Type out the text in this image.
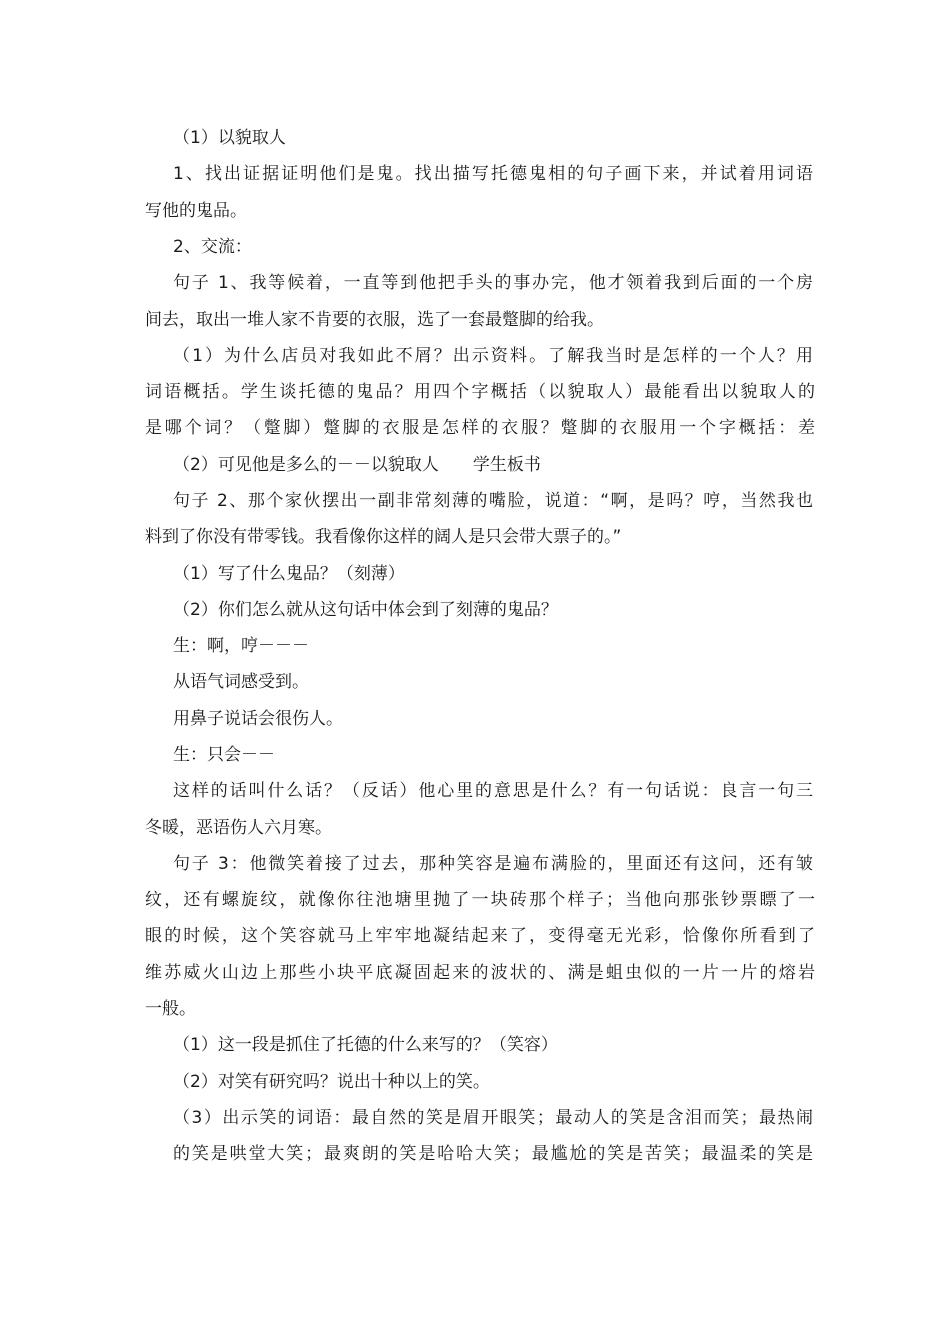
（1）以貌取人
1、找出证据证明他们是鬼。找出描写托德鬼相的句子画下来，并试着用词语
写他的鬼品。
2、交流：
句子 1、我等候着，一直等到他把手头的事办完，他才领着我到后面的一个房
间去，取出一堆人家不肯要的衣服，选了一套最蹩脚的给我。
（1）为什么店员对我如此不屑？出示资料。了解我当时是怎样的一个人？用
词语概括。学生谈托德的鬼品？用四个字概括（以貌取人）最能看出以貌取人的
是哪个词？（蹩脚）蹩脚的衣服是怎样的衣服？蹩脚的衣服用一个字概括：差
（2）可见他是多么的－－以貌取人　　学生板书
句子 2、那个家伙摆出一副非常刻薄的嘴脸，说道：“啊，是吗？哼，当然我也
料到了你没有带零钱。我看像你这样的阔人是只会带大票子的。”
（1）写了什么鬼品？（刻薄）
（2）你们怎么就从这句话中体会到了刻薄的鬼品？
生：啊，哼－－－
从语气词感受到。
用鼻子说话会很伤人。
生：只会－－
这样的话叫什么话？（反话）他心里的意思是什么？有一句话说：良言一句三
冬暖，恶语伤人六月寒。
句子 3：他微笑着接了过去，那种笑容是遍布满脸的，里面还有这问，还有皱
纹，还有螺旋纹，就像你往池塘里抛了一块砖那个样子；当他向那张钞票瞟了一
眼的时候，这个笑容就马上牢牢地凝结起来了，变得毫无光彩，恰像你所看到了
维苏威火山边上那些小块平底凝固起来的波状的、满是蛆虫似的一片一片的熔岩
一般。
（1）这一段是抓住了托德的什么来写的？（笑容）
（2）对笑有研究吗？说出十种以上的笑。
（3）出示笑的词语：最自然的笑是眉开眼笑；最动人的笑是含泪而笑；最热闹
的笑是哄堂大笑；最爽朗的笑是哈哈大笑；最尴尬的笑是苦笑；最温柔的笑是
